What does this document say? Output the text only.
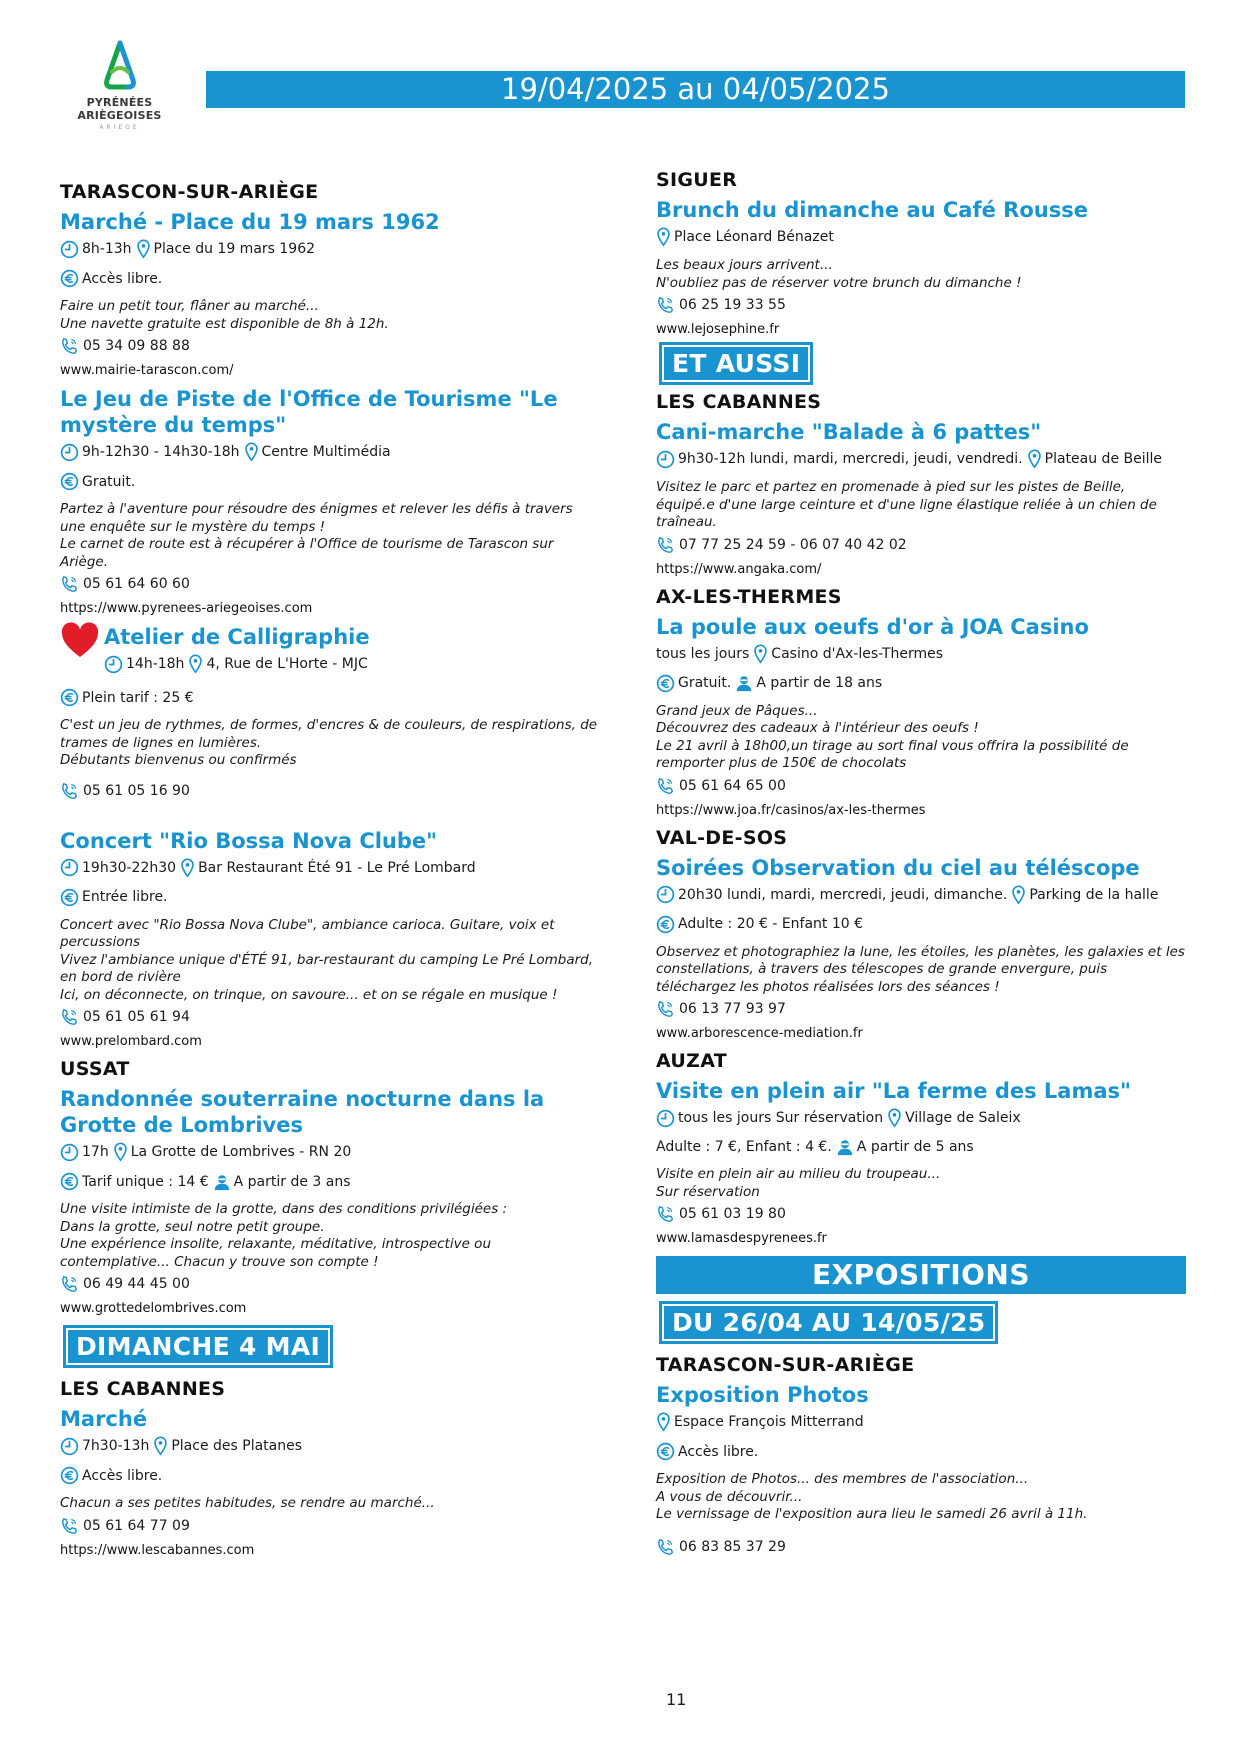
PYRÉNÉES
ARIÈGEOISES
ARIEGE
19/04/2025 au 04/05/2025
TARASCON-SUR-ARIÈGE
Marché - Place du 19 mars 1962
8h-13h Place du 19 mars 1962
Accès libre.
Faire un petit tour, flâner au marché...
Une navette gratuite est disponible de 8h à 12h.
05 34 09 88 88
www.mairie-tarascon.com/
Le Jeu de Piste de l'Office de Tourisme "Le mystère du temps"
9h-12h30 - 14h30-18h Centre Multimédia
Gratuit.
Partez à l'aventure pour résoudre des énigmes et relever les défis à travers une enquête sur le mystère du temps !
Le carnet de route est à récupérer à l'Office de tourisme de Tarascon sur Ariège.
05 61 64 60 60
https://www.pyrenees-ariegeoises.com
Atelier de Calligraphie
14h-18h 4, Rue de L'Horte - MJC
Plein tarif : 25 €
C'est un jeu de rythmes, de formes, d'encres & de couleurs, de respirations, de trames de lignes en lumières.
Débutants bienvenus ou confirmés
05 61 05 16 90
Concert "Rio Bossa Nova Clube"
19h30-22h30 Bar Restaurant Été 91 - Le Pré Lombard
Entrée libre.
Concert avec "Rio Bossa Nova Clube", ambiance carioca. Guitare, voix et percussions
Vivez l'ambiance unique d'ÉTÉ 91, bar-restaurant du camping Le Pré Lombard, en bord de rivière
Ici, on déconnecte, on trinque, on savoure... et on se régale en musique !
05 61 05 61 94
www.prelombard.com
USSAT
Randonnée souterraine nocturne dans la Grotte de Lombrives
17h La Grotte de Lombrives - RN 20
Tarif unique : 14 € A partir de 3 ans
Une visite intimiste de la grotte, dans des conditions privilégiées :
Dans la grotte, seul notre petit groupe.
Une expérience insolite, relaxante, méditative, introspective ou contemplative... Chacun y trouve son compte !
06 49 44 45 00
www.grottedelombrives.com
DIMANCHE 4 MAI
LES CABANNES
Marché
7h30-13h Place des Platanes
Accès libre.
Chacun a ses petites habitudes, se rendre au marché...
05 61 64 77 09
https://www.lescabannes.com
SIGUER
Brunch du dimanche au Café Rousse
Place Léonard Bénazet
Les beaux jours arrivent...
N'oubliez pas de réserver votre brunch du dimanche !
06 25 19 33 55
www.lejosephine.fr
ET AUSSI
LES CABANNES
Cani-marche "Balade à 6 pattes"
9h30-12h lundi, mardi, mercredi, jeudi, vendredi. Plateau de Beille
Visitez le parc et partez en promenade à pied sur les pistes de Beille, équipé.e d'une large ceinture et d'une ligne élastique reliée à un chien de traîneau.
07 77 25 24 59 - 06 07 40 42 02
https://www.angaka.com/
AX-LES-THERMES
La poule aux oeufs d'or à JOA Casino
tous les jours Casino d'Ax-les-Thermes
Gratuit. A partir de 18 ans
Grand jeux de Pâques...
Découvrez des cadeaux à l'intérieur des oeufs !
Le 21 avril à 18h00,un tirage au sort final vous offrira la possibilité de remporter plus de 150€ de chocolats
05 61 64 65 00
https://www.joa.fr/casinos/ax-les-thermes
VAL-DE-SOS
Soirées Observation du ciel au téléscope
20h30 lundi, mardi, mercredi, jeudi, dimanche. Parking de la halle
Adulte : 20 € - Enfant 10 €
Observez et photographiez la lune, les étoiles, les planètes, les galaxies et les constellations, à travers des télescopes de grande envergure, puis téléchargez les photos réalisées lors des séances !
06 13 77 93 97
www.arborescence-mediation.fr
AUZAT
Visite en plein air "La ferme des Lamas"
tous les jours Sur réservation Village de Saleix
Adulte : 7 €, Enfant : 4 €. A partir de 5 ans
Visite en plein air au milieu du troupeau...
Sur réservation
05 61 03 19 80
www.lamasdespyrenees.fr
EXPOSITIONS
DU 26/04 AU 14/05/25
TARASCON-SUR-ARIÈGE
Exposition Photos
Espace François Mitterrand
Accès libre.
Exposition de Photos... des membres de l'association...
A vous de découvrir...
Le vernissage de l'exposition aura lieu le samedi 26 avril à 11h.
06 83 85 37 29
11
